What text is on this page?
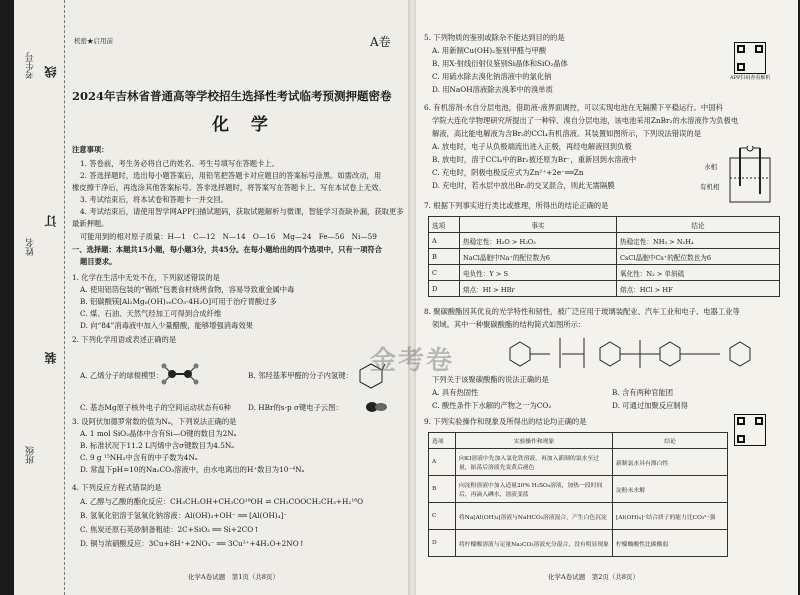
考生号 线
订
姓名
装
班级
机密★启用前	A卷
2024年吉林省普通高等学校招生选择性考试临考预测押题密卷
化 学
注意事项：
1. 答卷前，考生务必将自己的姓名、考生号填写在答题卡上。
2. 答选择题时，选出每小题答案后，用铅笔把答题卡对应题目的答案标号涂黑。如需改动，用
橡皮擦干净后，再选涂其他答案标号。答非选择题时，将答案写在答题卡上。写在本试卷上无效。
3. 考试结束后，将本试卷和答题卡一并交回。
4. 考试结束后，请使用智学网APP扫描试题码，获取试题解析与微课，智能学习查缺补漏，获取更多
最新押题。
可能用到的相对原子质量：H—1　C—12　N—14　O—16　Mg—24　Fe—56　Ni—59
一、选择题：本题共15小题，每小题3分，共45分。在每小题给出的四个选项中，只有一项符合
题目要求。
1. 化学在生活中无处不在，下列叙述错误的是
A. 使用铝箔包装的“锡纸”包裹食材烧烤食物，容易导致重金属中毒
B. 铝碳酸镁[Al₂Mg₆(OH)₁₆CO₃·4H₂O]可用于治疗胃酸过多
C. 煤、石油、天然气经加工可得到合成纤维
D. 向“84”消毒液中加入少量醋酸，能够增强消毒效果
2. 下列化学用语或表述正确的是
A. 乙烯分子的球棍模型：	B. 邻羟基苯甲醛的分子内氢键：
C. 基态Mg原子核外电子的空间运动状态有6种 D. HBr的s-p σ键电子云图：
3. 设阿伏加德罗常数的值为Nₐ，下列说法正确的是
A. 1 mol SiO₂晶体中含有Si—O键的数目为2Nₐ
B. 标准状况下11.2 L丙烯中含σ键数目为4.5Nₐ
C. 9 g ¹⁵NH₃中含有的中子数为4Nₐ
D. 常温下pH=10的Na₂CO₃溶液中，由水电离出的H⁺数目为10⁻⁴Nₐ
4. 下列反应方程式错误的是
A. 乙醇与乙酸的酯化反应：CH₃CH₂OH+CH₃CO¹⁸OH ⇌ CH₃COOCH₂CH₃+H₂¹⁸O
B. 氢氧化铝溶于氢氧化钠溶液：Al(OH)₃+OH⁻ ══ [Al(OH)₄]⁻
C. 焦炭还原石英砂制备粗硅：2C+SiO₂ ══ Si+2CO↑
D. 铜与浓硝酸反应：3Cu+8H⁺+2NO₃⁻ ══ 3Cu²⁺+4H₂O+2NO↑
化学A卷试题　第1页（共8页）
5. 下列物质的鉴别或除杂不能达到目的的是
A. 用新制Cu(OH)₂鉴别甲醛与甲酸
B. 用X-射线衍射仪鉴别Si晶体和SiO₂晶体
C. 用硫水除去溴化钠溶液中的氯化钠
D. 用NaOH溶液除去溴苯中的溴单质
APP扫码查看解析
6. 有机溶剂-水自分层电池，借助液-液界面调控，可以实现电池在无隔膜下平稳运行。中国科
学院大连化学物理研究所提出了一种锌、溴自分层电池，该电池采用ZnBr₂的水溶液作为负极电
解液，高比能电解液为含Br₂的CCl₄有机溶液。其装置如图所示，下列说法错误的是
A. 放电时，电子从负极端流出进入正极，再经电解液回到负极
B. 放电时，溶于CCl₄中的Br₂被还原为Br⁻，重新回到水溶液中
C. 充电时，阴极电极反应式为Zn²⁺+2e⁻══Zn
D. 充电时，若水层中放出Br₂的交叉混合，则此无需隔膜
水相
有机相
7. 根据下列事实进行类比或推理，所得出的结论正确的是
选项	事实	结论
A	热稳定性：H₂O > H₂O₂	热稳定性：NH₃ > N₂H₄
B	NaCl晶胞中Na⁺的配位数为6	CsCl晶胞中Cs⁺的配位数也为6
C	电负性：Y > S	氧化性：N₂ > 单斜硫
D	熔点：HI > HBr	熔点：HCl > HF
8. 聚碳酸酯因其优良的光学特性和韧性，被广泛应用于玻璃装配业、汽车工业和电子、电器工业等
领域。其中一种聚碳酸酯的结构简式如图所示：
下列关于该聚碳酸酯的说法正确的是
A. 具有热固性	B. 含有两种官能团
C. 酸性条件下水解的产物之一为CO₂	D. 可通过加聚反应制得
9. 下列实验操作和现象及所得出的结论均正确的是
选项	实验操作和现象	结论
A	向KI溶液中先加入氯化铁溶液，再加入新制的氯水至过量，振荡后溶液先变黄后褪色	新制氯水具有漂白性
B	向淀粉溶液中加入适量20% H₂SO₄溶液，加热一段时间后，再滴入碘水，溶液变蓝	淀粉未水解
C	将Na[Al(OH)₄]溶液与NaHCO₃溶液混合，产生白色沉淀	[Al(OH)₄]⁻结合质子的能力比CO₃²⁻强
D	将柠檬酸溶液与足量Na₂CO₃溶液充分混合，没有明显现象	柠檬酸酸性比碳酸弱
化学A卷试题　第2页（共8页）
金考卷
